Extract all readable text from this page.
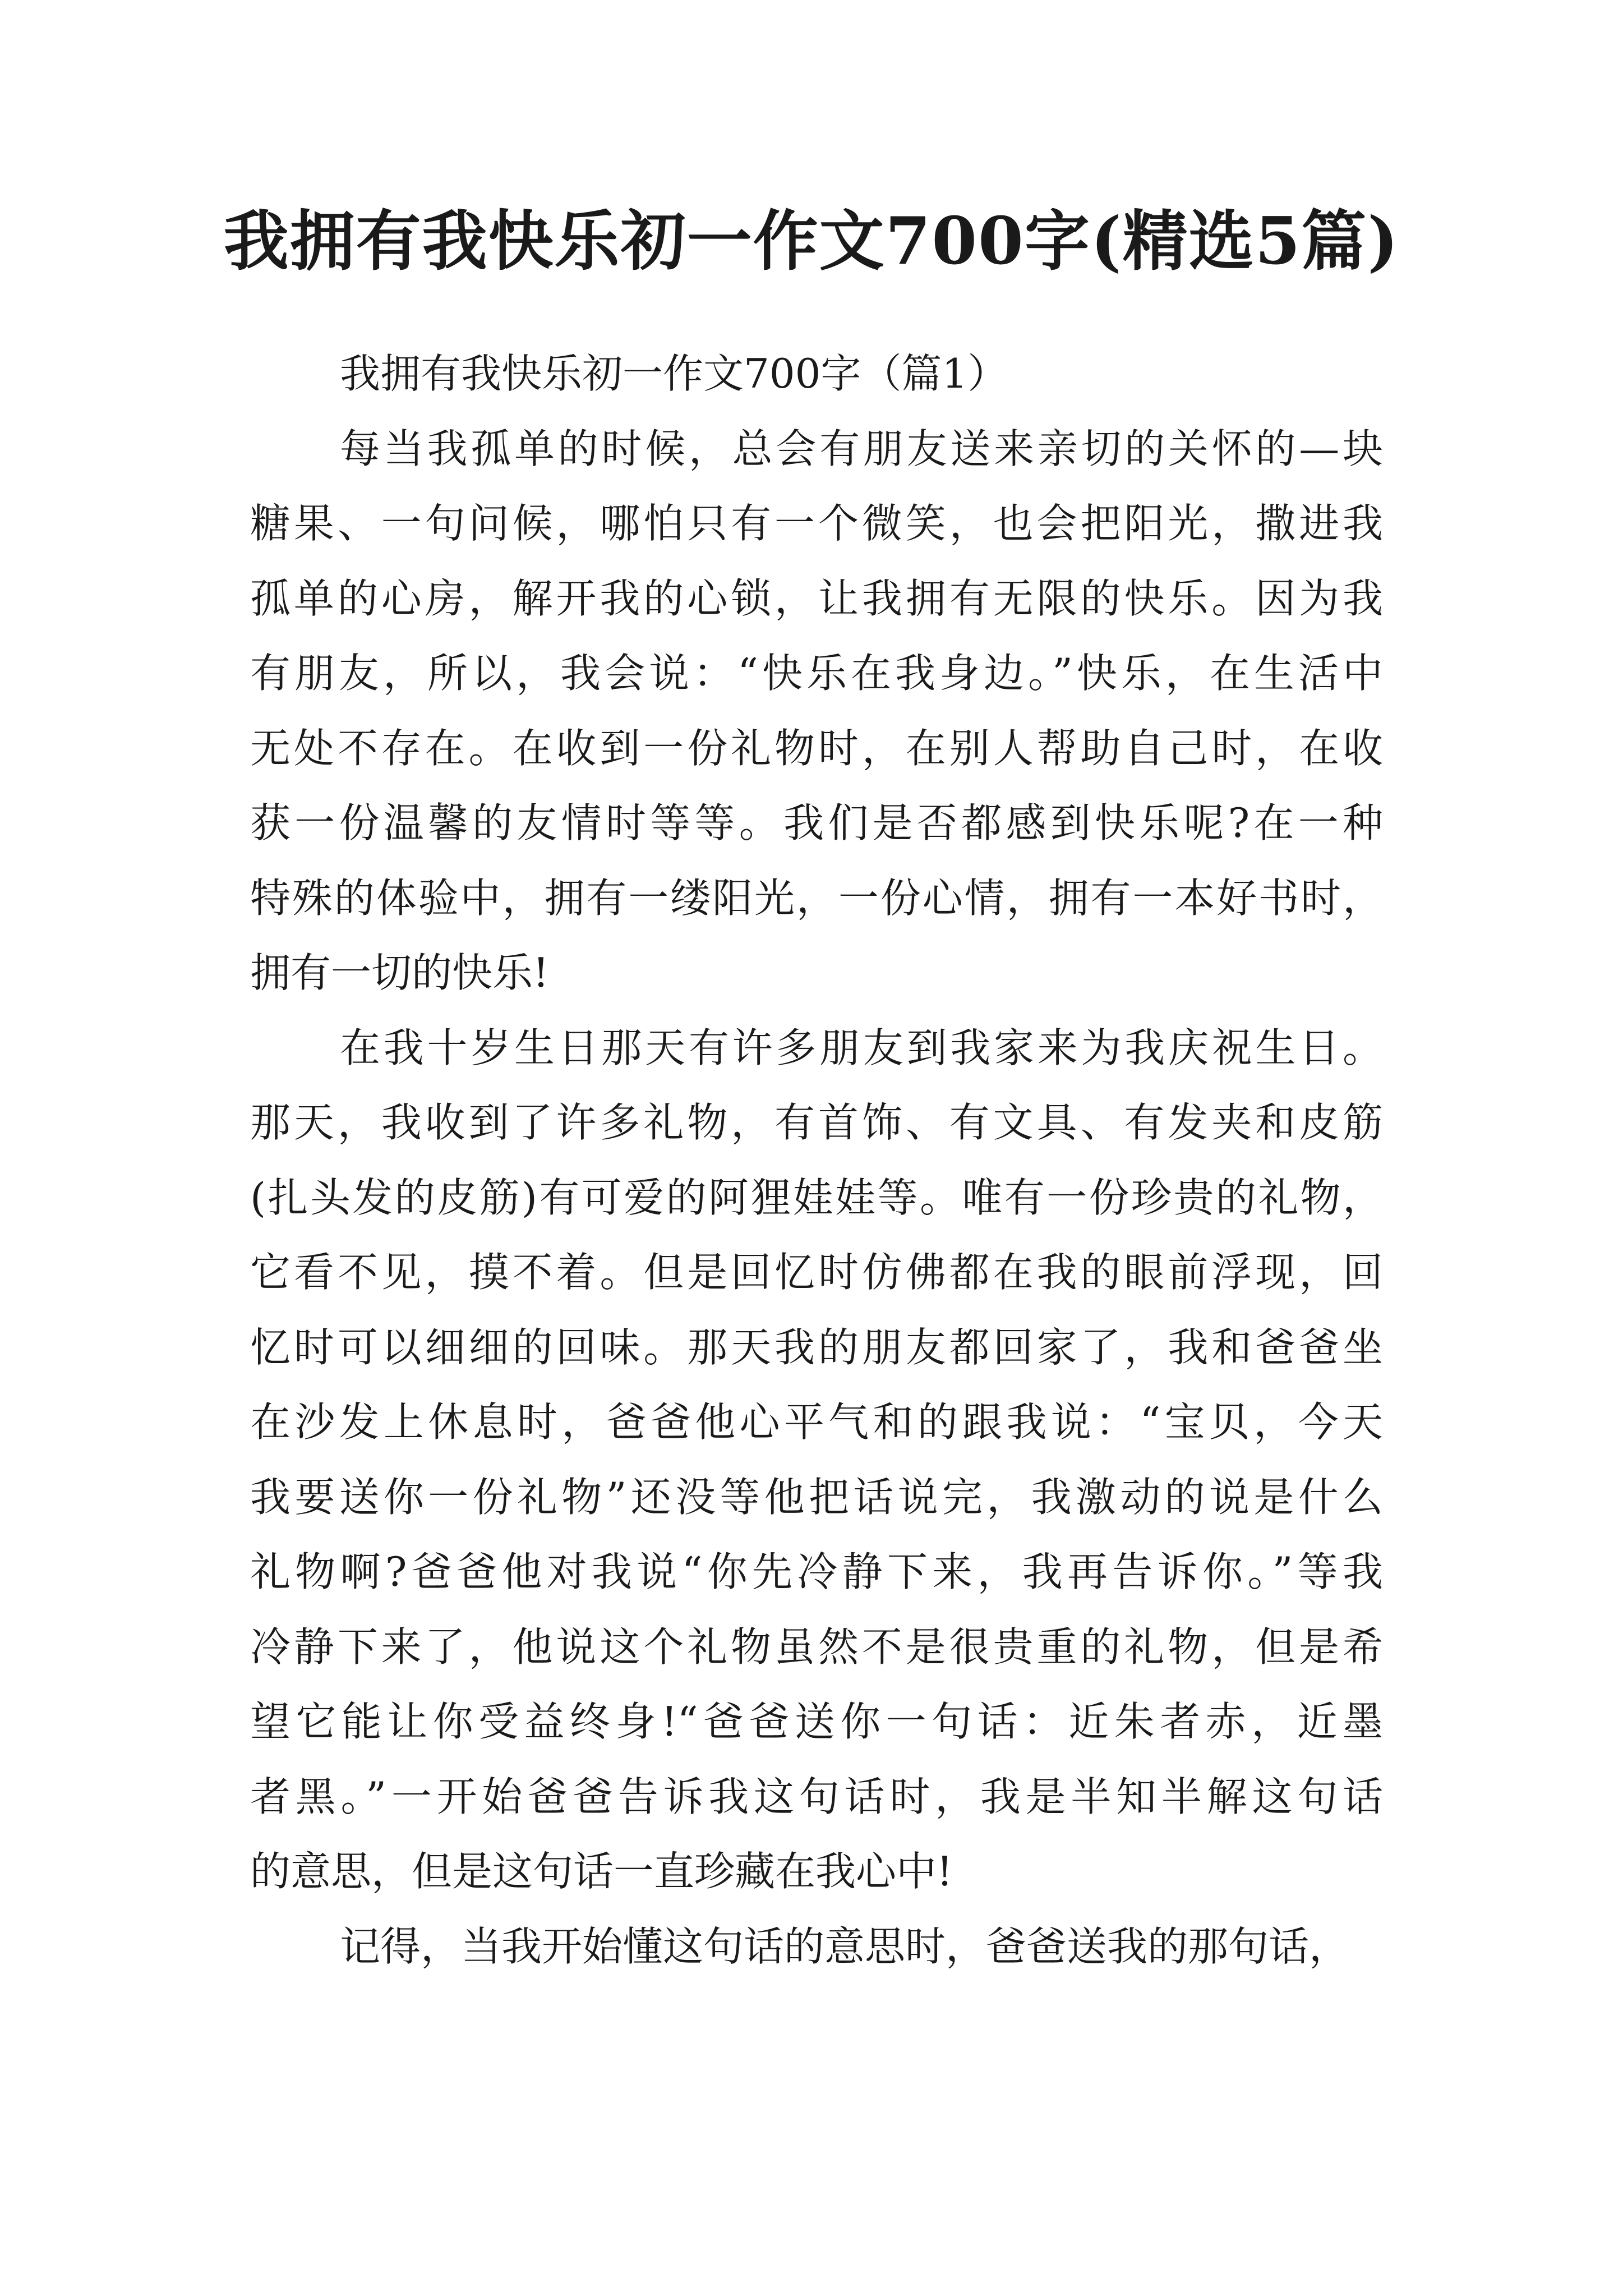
我拥有我快乐初一作文700字(精选5篇)

我拥有我快乐初一作文700字（篇1）

每当我孤单的时候，总会有朋友送来亲切的关怀的—块
糖果、一句问候，哪怕只有一个微笑，也会把阳光，撒进我
孤单的心房，解开我的心锁，让我拥有无限的快乐。因为我
有朋友，所以，我会说：“快乐在我身边。”快乐，在生活中
无处不存在。在收到一份礼物时，在别人帮助自己时，在收
获一份温馨的友情时等等。我们是否都感到快乐呢?在一种
特殊的体验中，拥有一缕阳光，一份心情，拥有一本好书时，
拥有一切的快乐!
在我十岁生日那天有许多朋友到我家来为我庆祝生日。
那天，我收到了许多礼物，有首饰、有文具、有发夹和皮筋
(扎头发的皮筋)有可爱的阿狸娃娃等。唯有一份珍贵的礼物，
它看不见，摸不着。但是回忆时仿佛都在我的眼前浮现，回
忆时可以细细的回味。那天我的朋友都回家了，我和爸爸坐
在沙发上休息时，爸爸他心平气和的跟我说：“宝贝，今天
我要送你一份礼物”还没等他把话说完，我激动的说是什么
礼物啊?爸爸他对我说“你先冷静下来，我再告诉你。”等我
冷静下来了，他说这个礼物虽然不是很贵重的礼物，但是希
望它能让你受益终身!“爸爸送你一句话：近朱者赤，近墨
者黑。”一开始爸爸告诉我这句话时，我是半知半解这句话
的意思，但是这句话一直珍藏在我心中!
记得，当我开始懂这句话的意思时，爸爸送我的那句话，
